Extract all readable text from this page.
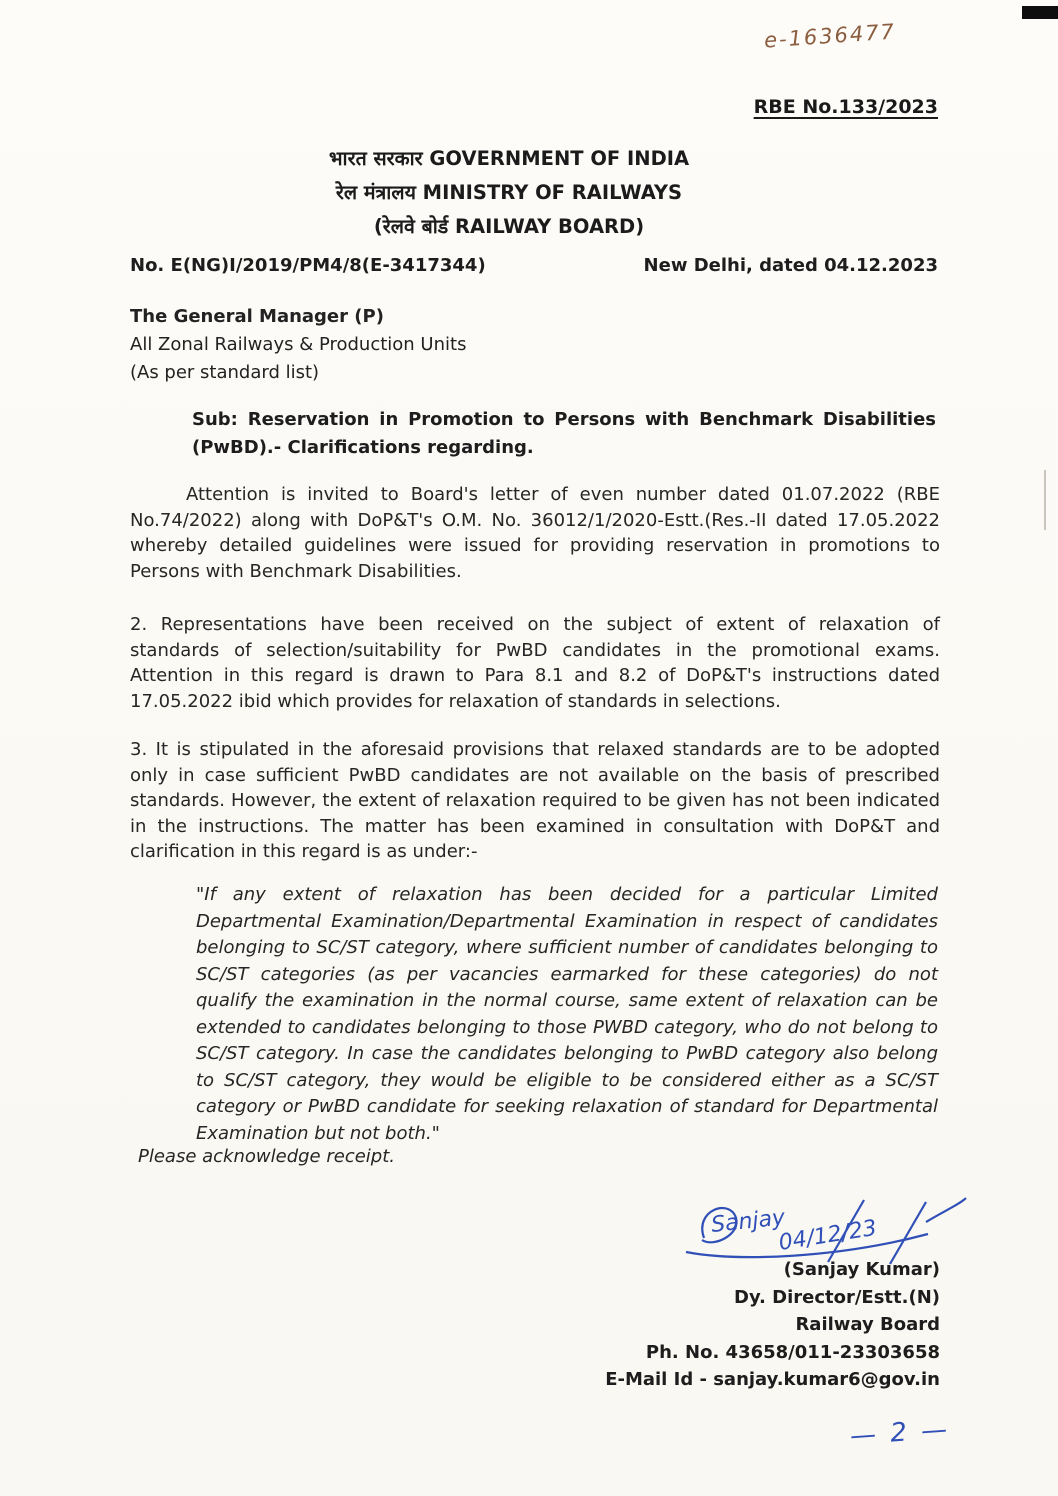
e-1636477
RBE No.133/2023
भारत सरकार GOVERNMENT OF INDIA
रेल मंत्रालय MINISTRY OF RAILWAYS
(रेलवे बोर्ड RAILWAY BOARD)
No. E(NG)I/2019/PM4/8(E-3417344)	New Delhi, dated 04.12.2023
The General Manager (P)
All Zonal Railways & Production Units
(As per standard list)
Sub: Reservation in Promotion to Persons with Benchmark Disabilities (PwBD).- Clarifications regarding.
Attention is invited to Board's letter of even number dated 01.07.2022 (RBE No.74/2022) along with DoP&T's O.M. No. 36012/1/2020-Estt.(Res.-II dated 17.05.2022 whereby detailed guidelines were issued for providing reservation in promotions to Persons with Benchmark Disabilities.
2. Representations have been received on the subject of extent of relaxation of standards of selection/suitability for PwBD candidates in the promotional exams. Attention in this regard is drawn to Para 8.1 and 8.2 of DoP&T's instructions dated 17.05.2022 ibid which provides for relaxation of standards in selections.
3. It is stipulated in the aforesaid provisions that relaxed standards are to be adopted only in case sufficient PwBD candidates are not available on the basis of prescribed standards. However, the extent of relaxation required to be given has not been indicated in the instructions. The matter has been examined in consultation with DoP&T and clarification in this regard is as under:-
"If any extent of relaxation has been decided for a particular Limited Departmental Examination/Departmental Examination in respect of candidates belonging to SC/ST category, where sufficient number of candidates belonging to SC/ST categories (as per vacancies earmarked for these categories) do not qualify the examination in the normal course, same extent of relaxation can be extended to candidates belonging to those PWBD category, who do not belong to SC/ST category. In case the candidates belonging to PwBD category also belong to SC/ST category, they would be eligible to be considered either as a SC/ST category or PwBD candidate for seeking relaxation of standard for Departmental Examination but not both."
Please acknowledge receipt.
Sanjay
04/12/23
(Sanjay Kumar)
Dy. Director/Estt.(N)
Railway Board
Ph. No. 43658/011-23303658
E-Mail Id - sanjay.kumar6@gov.in
— 2 —
